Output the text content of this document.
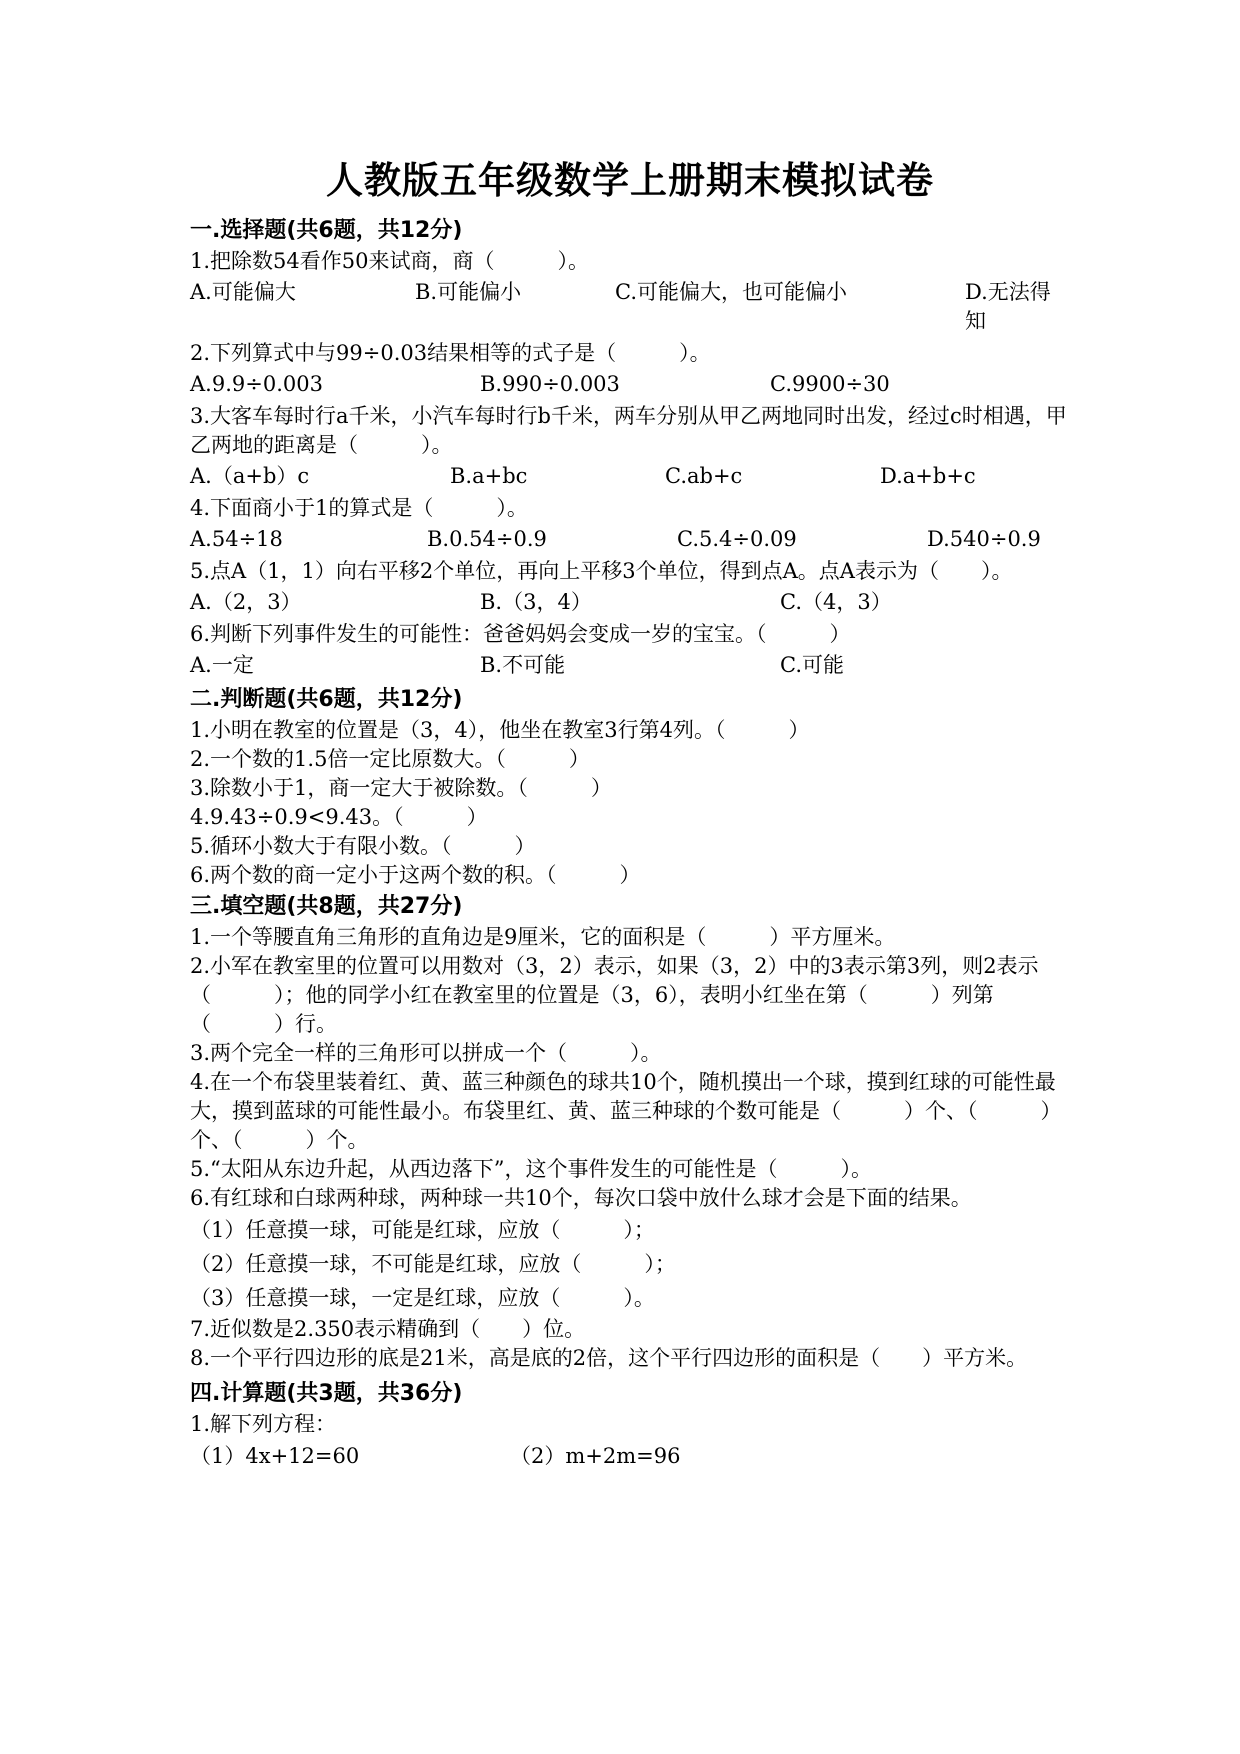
人教版五年级数学上册期末模拟试卷
一.选择题(共6题，共12分)
1.把除数54看作50来试商，商（　　　）。
A.可能偏大	B.可能偏小	C.可能偏大，也可能偏小	D.无法得知
2.下列算式中与99÷0.03结果相等的式子是（　　　）。
A.9.9÷0.003	B.990÷0.003	C.9900÷30
3.大客车每时行a千米，小汽车每时行b千米，两车分别从甲乙两地同时出发，经过c时相遇，甲乙两地的距离是（　　　）。
A.（a+b）c	B.a+bc	C.ab+c	D.a+b+c
4.下面商小于1的算式是（　　　）。
A.54÷18	B.0.54÷0.9	C.5.4÷0.09	D.540÷0.9
5.点A（1，1）向右平移2个单位，再向上平移3个单位，得到点A。点A表示为（　　）。
A.（2，3）	B.（3，4）	C.（4，3）
6.判断下列事件发生的可能性：爸爸妈妈会变成一岁的宝宝。（　　　）
A.一定	B.不可能	C.可能
二.判断题(共6题，共12分)
1.小明在教室的位置是（3，4），他坐在教室3行第4列。（　　　）
2.一个数的1.5倍一定比原数大。（　　　）
3.除数小于1，商一定大于被除数。（　　　）
4.9.43÷0.9<9.43。（　　　）
5.循环小数大于有限小数。（　　　）
6.两个数的商一定小于这两个数的积。（　　　）
三.填空题(共8题，共27分)
1.一个等腰直角三角形的直角边是9厘米，它的面积是（　　　）平方厘米。
2.小军在教室里的位置可以用数对（3，2）表示，如果（3，2）中的3表示第3列，则2表示（　　　）；他的同学小红在教室里的位置是（3，6），表明小红坐在第（　　　）列第（　　　）行。
3.两个完全一样的三角形可以拼成一个（　　　）。
4.在一个布袋里装着红、黄、蓝三种颜色的球共10个，随机摸出一个球，摸到红球的可能性最大，摸到蓝球的可能性最小。布袋里红、黄、蓝三种球的个数可能是（　　　）个、（　　　）个、（　　　）个。
5.“太阳从东边升起，从西边落下”，这个事件发生的可能性是（　　　）。
6.有红球和白球两种球，两种球一共10个，每次口袋中放什么球才会是下面的结果。
（1）任意摸一球，可能是红球，应放（　　　）；
（2）任意摸一球，不可能是红球，应放（　　　）；
（3）任意摸一球，一定是红球，应放（　　　）。
7.近似数是2.350表示精确到（　　）位。
8.一个平行四边形的底是21米，高是底的2倍，这个平行四边形的面积是（　　）平方米。
四.计算题(共3题，共36分)
1.解下列方程：
（1）4x+12=60	（2）m+2m=96
